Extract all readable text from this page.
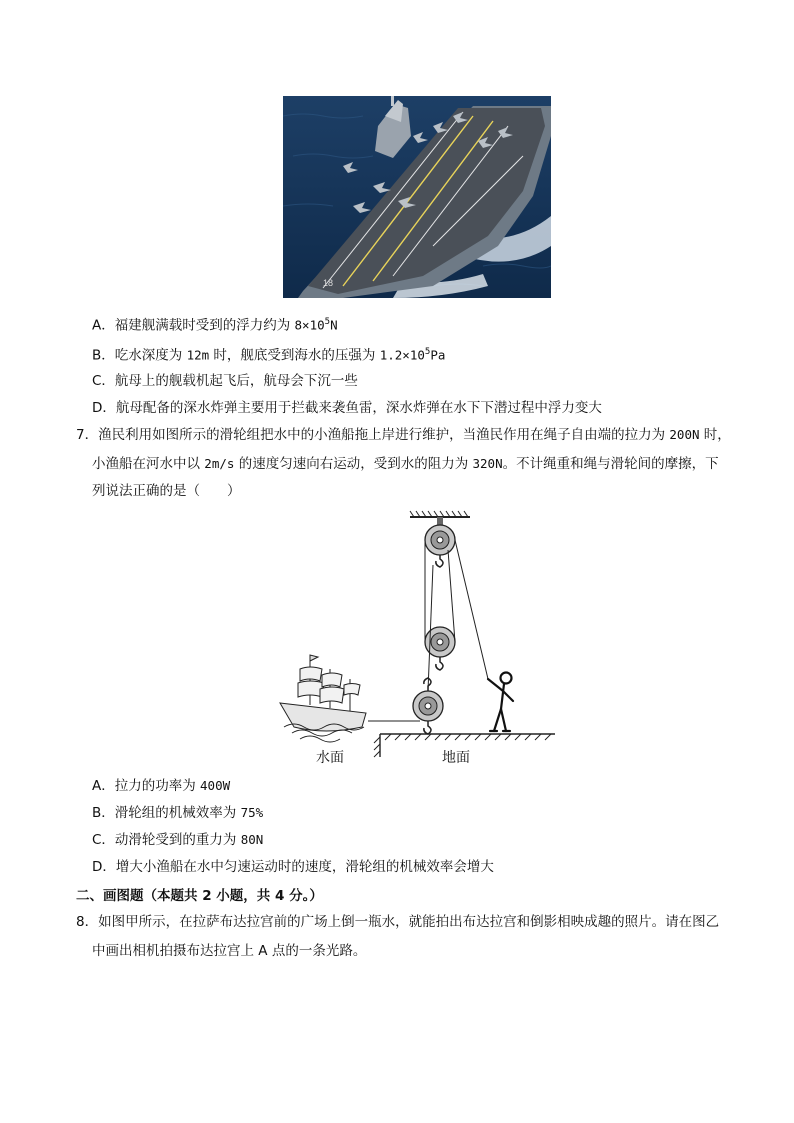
18
A．福建舰满载时受到的浮力约为 $8\times 10^5N$
B．吃水深度为 12m 时，舰底受到海水的压强为 $1.2\times 10^5Pa$
C．航母上的舰载机起飞后，航母会下沉一些
D．航母配备的深水炸弹主要用于拦截来袭鱼雷，深水炸弹在水下下潜过程中浮力变大
7．渔民利用如图所示的滑轮组把水中的小渔船拖上岸进行维护，当渔民作用在绳子自由端的拉力为 200N 时，
小渔船在河水中以 2m/s 的速度匀速向右运动，受到水的阻力为 320N。不计绳重和绳与滑轮间的摩擦，下
列说法正确的是（　　）
水面	地面
A．拉力的功率为 400W
B．滑轮组的机械效率为 75%
C．动滑轮受到的重力为 80N
D．增大小渔船在水中匀速运动时的速度，滑轮组的机械效率会增大
二、画图题（本题共 2 小题，共 4 分。）
8．如图甲所示，在拉萨布达拉宫前的广场上倒一瓶水，就能拍出布达拉宫和倒影相映成趣的照片。请在图乙
中画出相机拍摄布达拉宫上 A 点的一条光路。
